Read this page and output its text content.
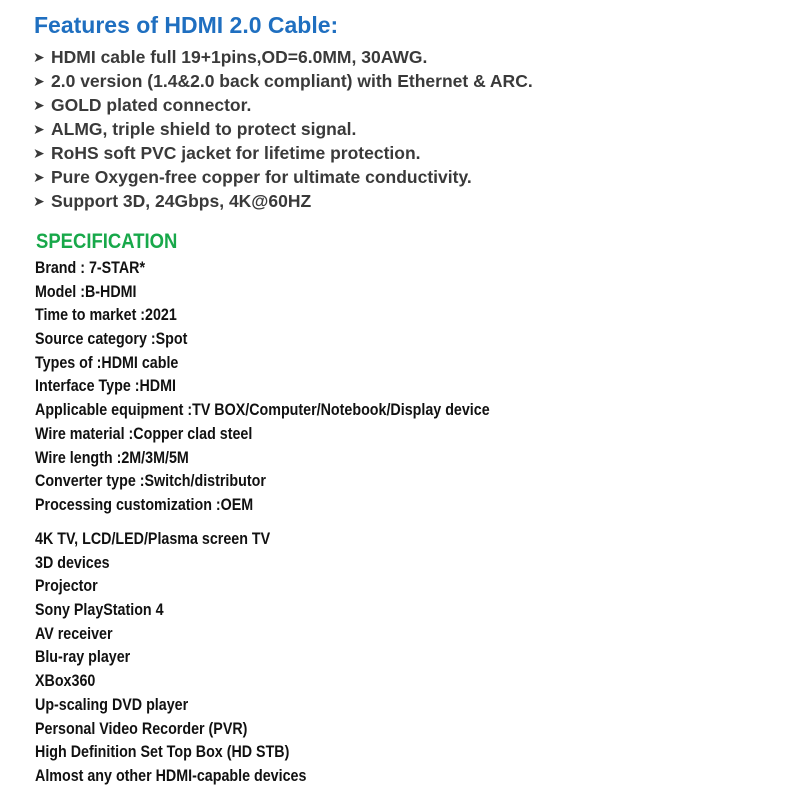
Features of HDMI 2.0 Cable:
➤ HDMI cable full 19+1pins,OD=6.0MM, 30AWG.
➤ 2.0 version (1.4&2.0 back compliant) with Ethernet & ARC.
➤ GOLD plated connector.
➤ ALMG, triple shield to protect signal.
➤ RoHS soft PVC jacket for lifetime protection.
➤ Pure Oxygen-free copper for ultimate conductivity.
➤ Support 3D, 24Gbps, 4K@60HZ
SPECIFICATION
Brand : 7-STAR*
Model :B-HDMI
Time to market :2021
Source category :Spot
Types of :HDMI cable
Interface Type :HDMI
Applicable equipment :TV BOX/Computer/Notebook/Display device
Wire material :Copper clad steel
Wire length :2M/3M/5M
Converter type :Switch/distributor
Processing customization :OEM
4K TV, LCD/LED/Plasma screen TV
3D devices
Projector
Sony PlayStation 4
AV receiver
Blu-ray player
XBox360
Up-scaling DVD player
Personal Video Recorder (PVR)
High Definition Set Top Box (HD STB)
Almost any other HDMI-capable devices
